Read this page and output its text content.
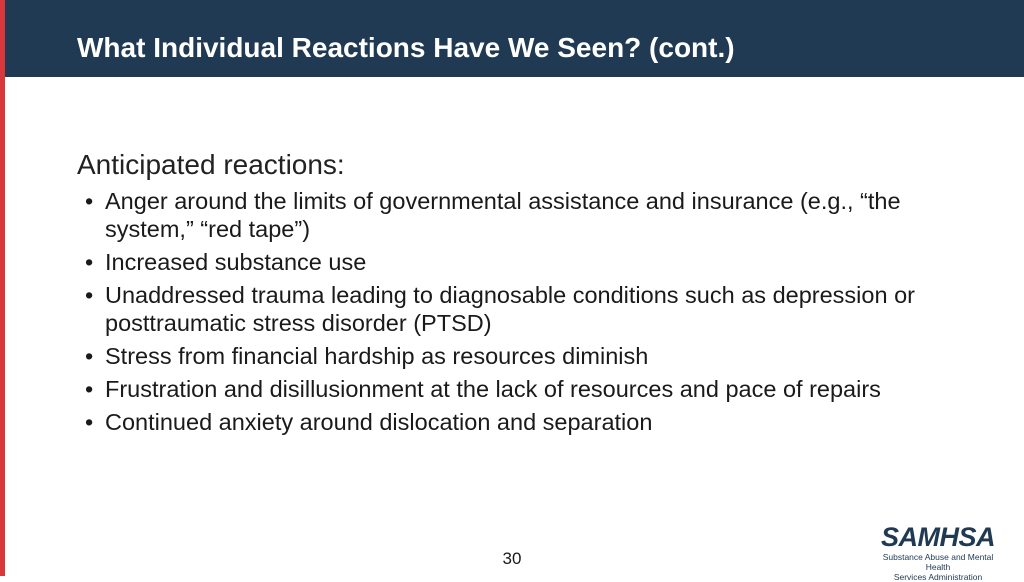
What Individual Reactions Have We Seen? (cont.)

Anticipated reactions:

• Anger around the limits of governmental assistance and insurance (e.g., “the system,” “red tape”)
• Increased substance use
• Unaddressed trauma leading to diagnosable conditions such as depression or posttraumatic stress disorder (PTSD)
• Stress from financial hardship as resources diminish
• Frustration and disillusionment at the lack of resources and pace of repairs
• Continued anxiety around dislocation and separation
30
SAMHSA
Substance Abuse and Mental Health
Services Administration
